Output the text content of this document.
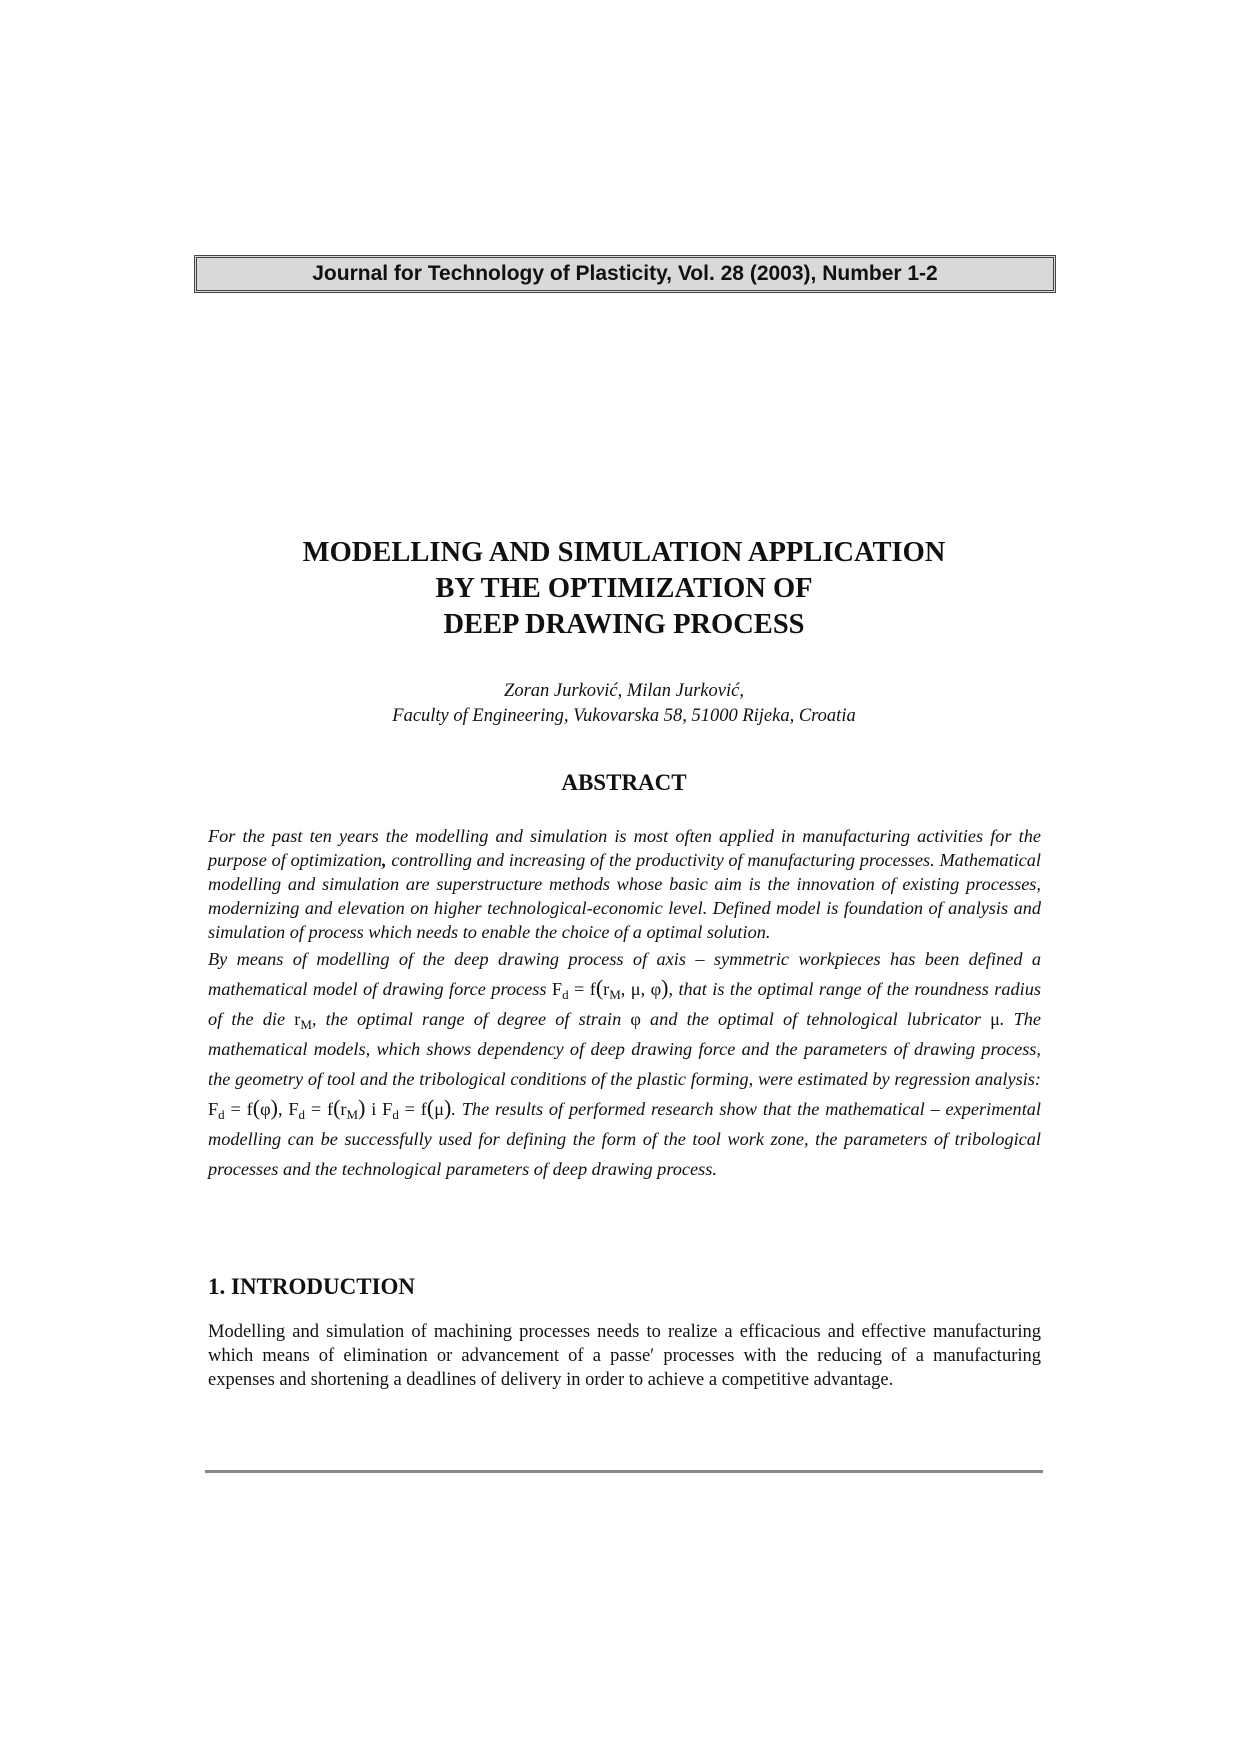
Journal for Technology of Plasticity, Vol. 28 (2003), Number 1-2
MODELLING AND SIMULATION APPLICATION
BY THE OPTIMIZATION OF
DEEP DRAWING PROCESS
Zoran Jurković, Milan Jurković,
Faculty of Engineering, Vukovarska 58, 51000 Rijeka, Croatia
ABSTRACT
For the past ten years the modelling and simulation is most often applied in manufacturing activities for the purpose of optimization, controlling and increasing of the productivity of manufacturing processes. Mathematical modelling and simulation are superstructure methods whose basic aim is the innovation of existing processes, modernizing and elevation on higher technological-economic level. Defined model is foundation of analysis and simulation of process which needs to enable the choice of a optimal solution.
By means of modelling of the deep drawing process of axis – symmetric workpieces has been defined a mathematical model of drawing force process $F_d = f(r_M$, μ, φ), that is the optimal range of the roundness radius of the die $r_M$, the optimal range of degree of strain φ and the optimal of tehnological lubricator μ. The mathematical models, which shows dependency of deep drawing force and the parameters of drawing process, the geometry of tool and the tribological conditions of the plastic forming, were estimated by regression analysis: $F_d = f(\varphi)$, $F_d = f(r_M)$ i $F_d = f(\mu)$. The results of performed research show that the mathematical – experimental modelling can be successfully used for defining the form of the tool work zone, the parameters of tribological processes and the technological parameters of deep drawing process.
1. INTRODUCTION

Modelling and simulation of machining processes needs to realize a efficacious and effective manufacturing which means of elimination or advancement of a passe′ processes with the reducing of a manufacturing expenses and shortening a deadlines of delivery in order to achieve a competitive advantage.
